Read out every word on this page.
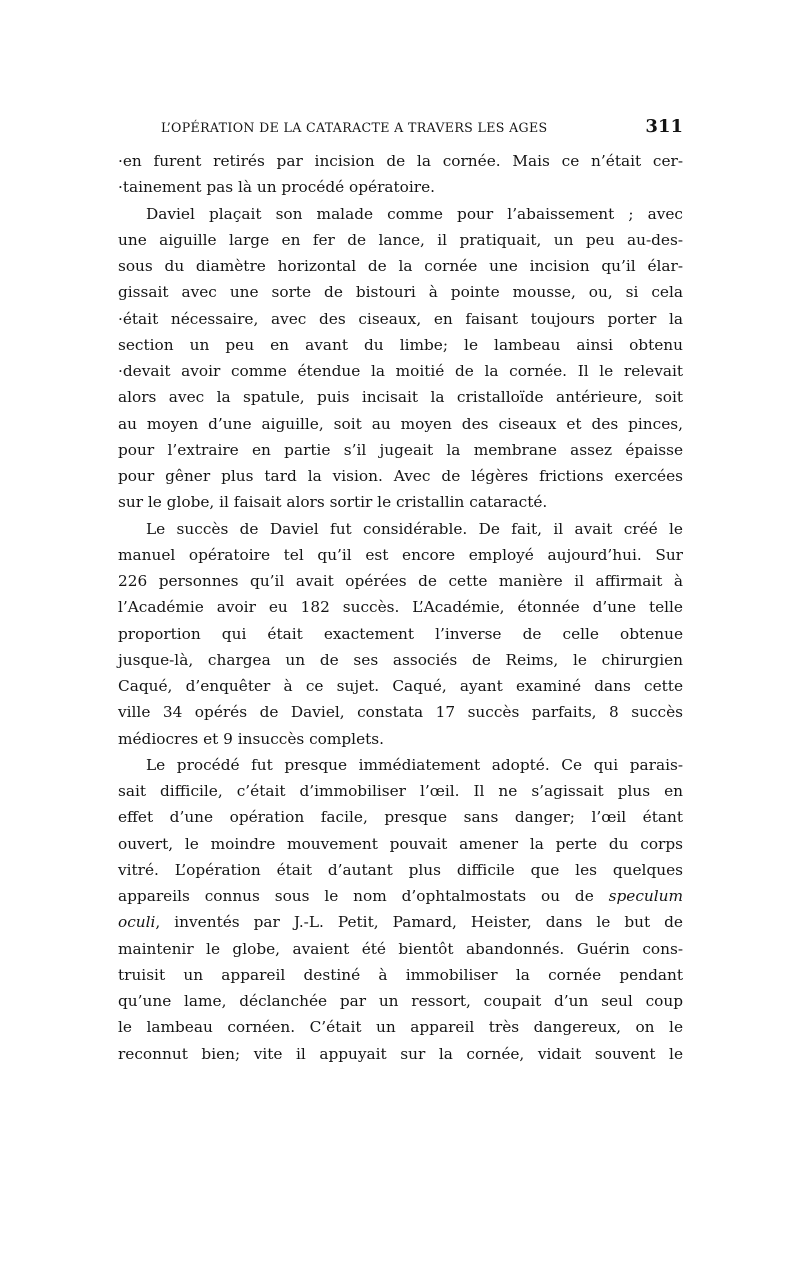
L’OPÉRATION DE LA CATARACTE A TRAVERS LES AGES	311
·en furent retirés par incision de la cornée. Mais ce n’était cer-
·tainement pas là un procédé opératoire.
Daviel plaçait son malade comme pour l’abaissement ; avec
une aiguille large en fer de lance, il pratiquait, un peu au-des-
sous du diamètre horizontal de la cornée une incision qu’il élar-
gissait avec une sorte de bistouri à pointe mousse, ou, si cela
·était nécessaire, avec des ciseaux, en faisant toujours porter la
section un peu en avant du limbe; le lambeau ainsi obtenu
·devait avoir comme étendue la moitié de la cornée. Il le relevait
alors avec la spatule, puis incisait la cristalloïde antérieure, soit
au moyen d’une aiguille, soit au moyen des ciseaux et des pinces,
pour l’extraire en partie s’il jugeait la membrane assez épaisse
pour gêner plus tard la vision. Avec de légères frictions exercées
sur le globe, il faisait alors sortir le cristallin cataracté.
Le succès de Daviel fut considérable. De fait, il avait créé le
manuel opératoire tel qu’il est encore employé aujourd’hui. Sur
226 personnes qu’il avait opérées de cette manière il affirmait à
l’Académie avoir eu 182 succès. L’Académie, étonnée d’une telle
proportion qui était exactement l’inverse de celle obtenue
jusque-là, chargea un de ses associés de Reims, le chirurgien
Caqué, d’enquêter à ce sujet. Caqué, ayant examiné dans cette
ville 34 opérés de Daviel, constata 17 succès parfaits, 8 succès
médiocres et 9 insuccès complets.
Le procédé fut presque immédiatement adopté. Ce qui parais-
sait difficile, c’était d’immobiliser l’œil. Il ne s’agissait plus en
effet d’une opération facile, presque sans danger; l’œil étant
ouvert, le moindre mouvement pouvait amener la perte du corps
vitré. L’opération était d’autant plus difficile que les quelques
appareils connus sous le nom d’ophtalmostats ou de speculum
oculi, inventés par J.-L. Petit, Pamard, Heister, dans le but de
maintenir le globe, avaient été bientôt abandonnés. Guérin cons-
truisit un appareil destiné à immobiliser la cornée pendant
qu’une lame, déclanchée par un ressort, coupait d’un seul coup
le lambeau cornéen. C’était un appareil très dangereux, on le
reconnut bien; vite il appuyait sur la cornée, vidait souvent le
